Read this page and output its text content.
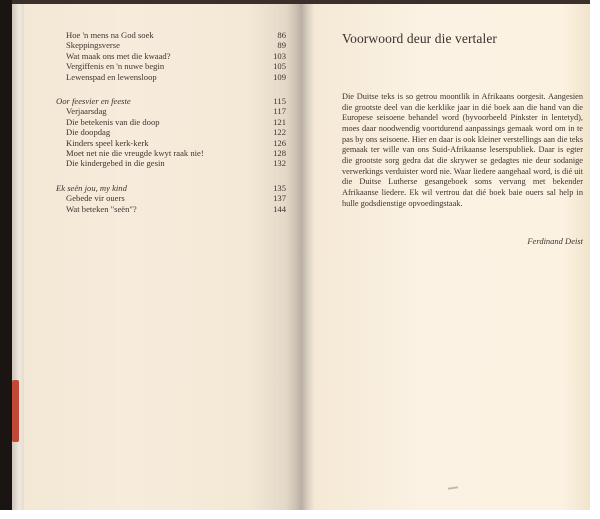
Hoe 'n mens na God soek	86
Skeppingsverse	89
Wat maak ons met die kwaad?	103
Vergiffenis en 'n nuwe begin	105
Lewenspad en lewensloop	109
Oor feesvier en feeste	115
Verjaarsdag	117
Die betekenis van die doop	121
Die doopdag	122
Kinders speel kerk-kerk	126
Moet net nie die vreugde kwyt raak nie!	128
Die kindergebed in die gesin	132
Ek seën jou, my kind	135
Gebede vir ouers	137
Wat beteken "seën"?	144
Voorwoord deur die vertaler
Die Duitse teks is so getrou moontlik in Afrikaans oorgesit. Aangesien die grootste deel van die kerklike jaar in dié boek aan die hand van die Europese seisoene behandel word (byvoorbeeld Pinkster in lentetyd), moes daar noodwendig voortdurend aanpassings gemaak word om in te pas by ons seisoene. Hier en daar is ook kleiner verstellings aan die teks gemaak ter wille van ons Suid-Afrikaanse leserspubliek. Daar is egter die grootste sorg gedra dat die skrywer se gedagtes nie deur sodanige verwerkings verduister word nie. Waar liedere aangehaal word, is dié uit die Duitse Lutherse gesangeboek soms vervang met bekender Afrikaanse liedere. Ek wil vertrou dat dié boek baie ouers sal help in hulle godsdienstige opvoedingstaak.
Ferdinand Deist
